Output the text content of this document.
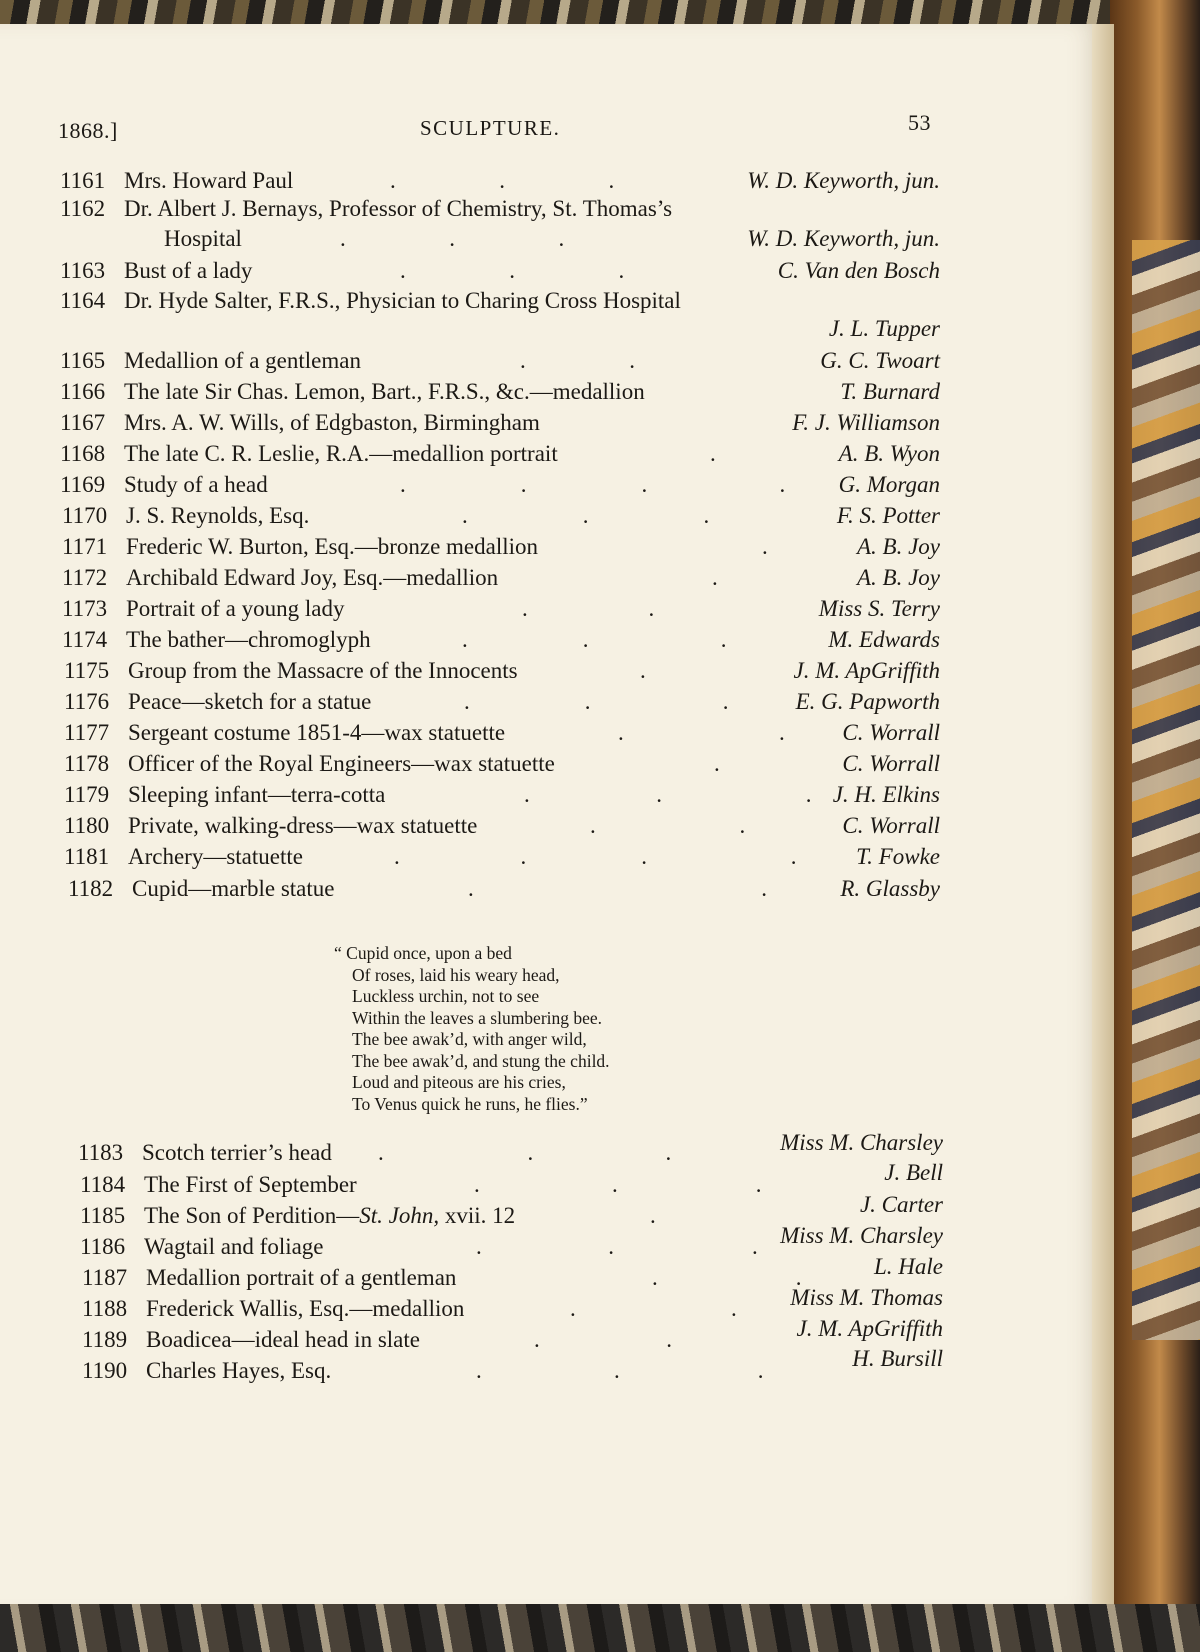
1868.]	SCULPTURE.	53
1161 Mrs. Howard Paul	.                  .                  .	W. D. Keyworth, jun.
1162 Dr. Albert J. Bernays, Professor of Chemistry, St. Thomas’s
Hospital	.                  .                  .	W. D. Keyworth, jun.
1163 Bust of a lady	.                  .                  .	C. Van den Bosch
1164 Dr. Hyde Salter, F.R.S., Physician to Charing Cross Hospital
J. L. Tupper
1165 Medallion of a gentleman	.                  .	G. C. Twoart
1166 The late Sir Chas. Lemon, Bart., F.R.S., &c.—medallion	T. Burnard
1167 Mrs. A. W. Wills, of Edgbaston, Birmingham	F. J. Williamson
1168 The late C. R. Leslie, R.A.—medallion portrait	.	A. B. Wyon
1169 Study of a head	.                    .                    .                       . G. Morgan
1170 J. S. Reynolds, Esq.	.                    .                    .	F. S. Potter
1171 Frederic W. Burton, Esq.—bronze medallion	.	A. B. Joy
1172 Archibald Edward Joy, Esq.—medallion	.	A. B. Joy
1173 Portrait of a young lady	.                     .	Miss S. Terry
1174 The bather—chromoglyph	.                    .                       .	M. Edwards
1175 Group from the Massacre of the Innocents	.	J. M. ApGriffith
1176 Peace—sketch for a statue	.                    .                       .	E. G. Papworth
1177 Sergeant costume 1851-4—wax statuette	.                           .	C. Worrall
1178 Officer of the Royal Engineers—wax statuette	.	C. Worrall
1179 Sleeping infant—terra-cotta	.                      .                         . J. H. Elkins
1180 Private, walking-dress—wax statuette	.                         .	C. Worrall
1181 Archery—statuette	.                     .                    .                         .	T. Fowke
1182 Cupid—marble statue	.                                                  .	R. Glassby
“ Cupid once, upon a bed
Of roses, laid his weary head,
Luckless urchin, not to see
Within the leaves a slumbering bee.
The bee awak’d, with anger wild,
The bee awak’d, and stung the child.
Loud and piteous are his cries,
To Venus quick he runs, he flies.”
1183 Scotch terrier’s head .                         .                       .	Miss M. Charsley
1184 The First of September	.                       .                        .	J. Bell
1185 The Son of Perdition—St. John, xvii. 12	.	J. Carter
1186 Wagtail and foliage	.                      .                        . Miss M. Charsley
1187 Medallion portrait of a gentleman	.                        .	L. Hale
1188 Frederick Wallis, Esq.—medallion	.                           .	Miss M. Thomas
1189 Boadicea—ideal head in slate	.                      .	J. M. ApGriffith
1190 Charles Hayes, Esq.	.                       .                        .	H. Bursill
